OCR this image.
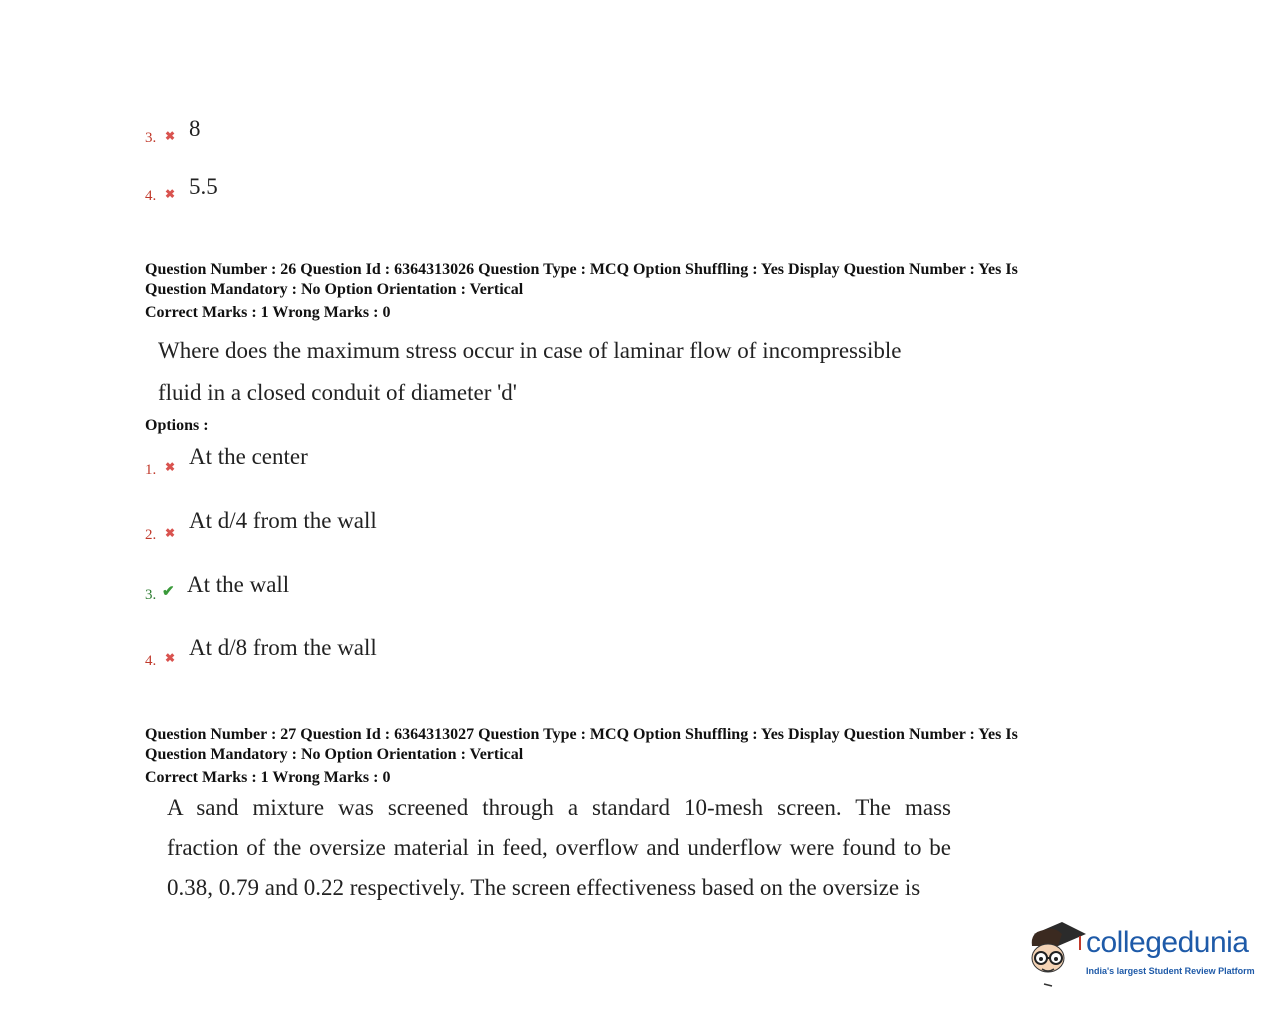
3. ✖ 8
4. ✖ 5.5
Question Number : 26 Question Id : 6364313026 Question Type : MCQ Option Shuffling : Yes Display Question Number : Yes Is
Question Mandatory : No Option Orientation : Vertical
Correct Marks : 1 Wrong Marks : 0
Where does the maximum stress occur in case of laminar flow of incompressible
fluid in a closed conduit of diameter 'd'
Options :
1. ✖ At the center
2. ✖ At d/4 from the wall
3. ✔ At the wall
4. ✖ At d/8 from the wall
Question Number : 27 Question Id : 6364313027 Question Type : MCQ Option Shuffling : Yes Display Question Number : Yes Is
Question Mandatory : No Option Orientation : Vertical
Correct Marks : 1 Wrong Marks : 0
A sand mixture was screened through a standard 10-mesh screen. The mass
fraction of the oversize material in feed, overflow and underflow were found to be
0.38, 0.79 and 0.22 respectively. The screen effectiveness based on the oversize is
collegedunia
India's largest Student Review Platform
